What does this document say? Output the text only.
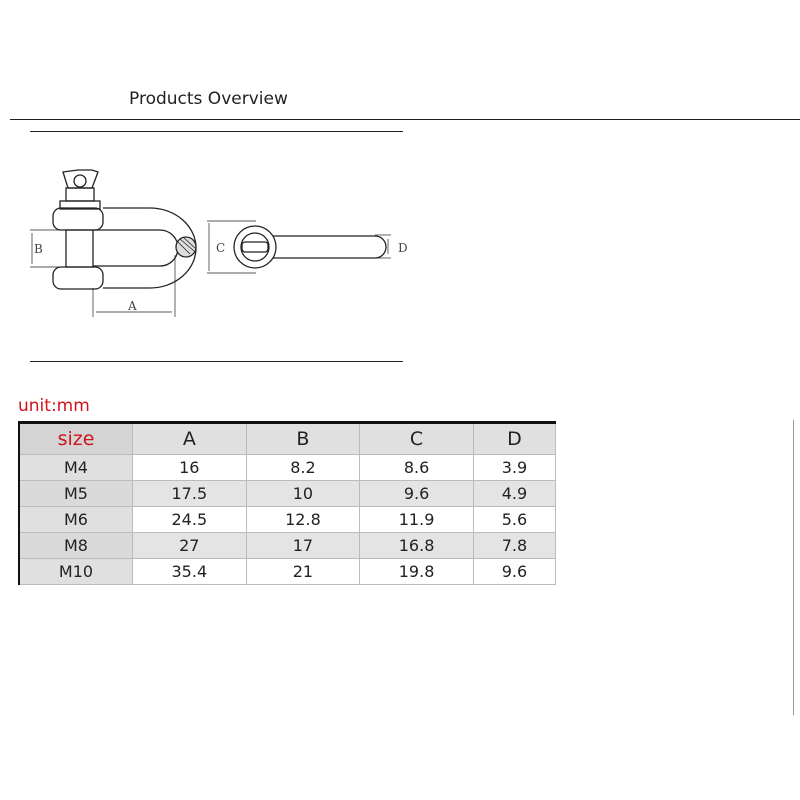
Products Overview
B
A
C	D
unit:mm
size	A	B	C	D
M4	16	8.2	8.6	3.9
M5	17.5	10	9.6	4.9
M6	24.5	12.8	11.9	5.6
M8	27	17	16.8	7.8
M10	35.4	21	19.8	9.6
